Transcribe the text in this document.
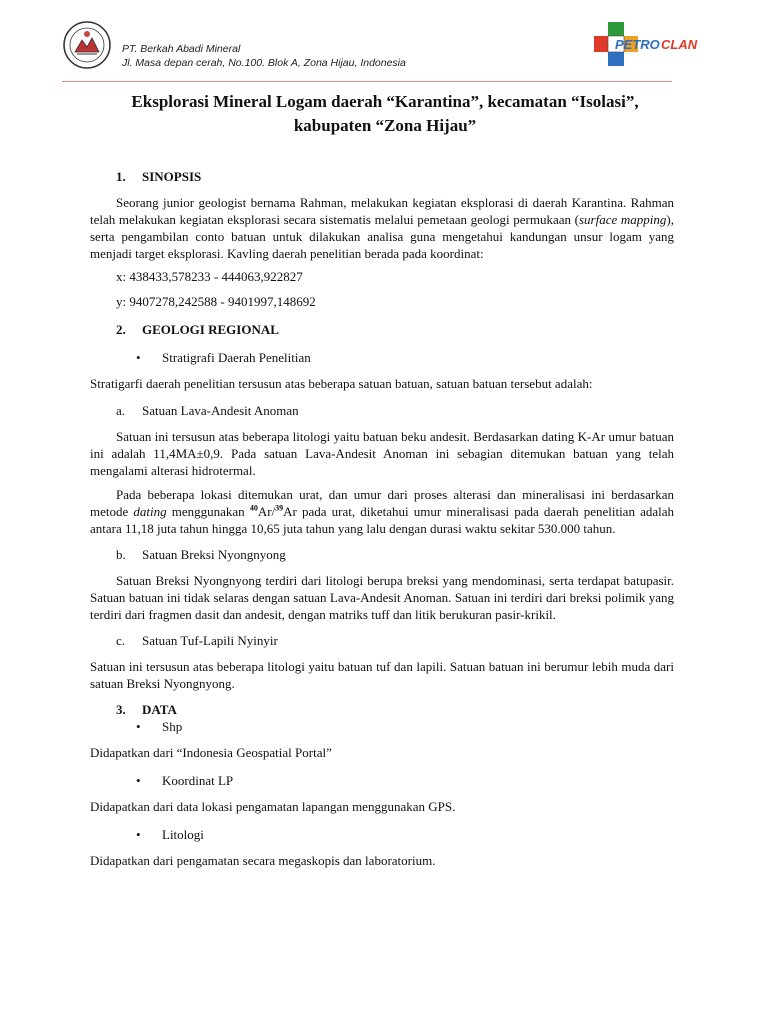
PT. Berkah Abadi Mineral
Jl. Masa depan cerah, No.100. Blok A, Zona Hijau, Indonesia
PETRO CLAN
Eksplorasi Mineral Logam daerah “Karantina”, kecamatan “Isolasi”,
kabupaten “Zona Hijau”
1. SINOPSIS

Seorang junior geologist bernama Rahman, melakukan kegiatan eksplorasi di daerah Karantina. Rahman telah melakukan kegiatan eksplorasi secara sistematis melalui pemetaan geologi permukaan (surface mapping), serta pengambilan conto batuan untuk dilakukan analisa guna mengetahui kandungan unsur logam yang menjadi target eksplorasi. Kavling daerah penelitian berada pada koordinat:

x: 438433,578233 - 444063,922827
y: 9407278,242588 - 9401997,148692
2. GEOLOGI REGIONAL
•	Stratigrafi Daerah Penelitian

Stratigarfi daerah penelitian tersusun atas beberapa satuan batuan, satuan batuan tersebut adalah:

a.	Satuan Lava-Andesit Anoman

Satuan ini tersusun atas beberapa litologi yaitu batuan beku andesit. Berdasarkan dating K-Ar umur batuan ini adalah 11,4MA±0,9. Pada satuan Lava-Andesit Anoman ini sebagian ditemukan batuan yang telah mengalami alterasi hidrotermal.

Pada beberapa lokasi ditemukan urat, dan umur dari proses alterasi dan mineralisasi ini berdasarkan metode dating menggunakan $^{40}$Ar/$^{39}$Ar pada urat, diketahui umur mineralisasi pada daerah penelitian adalah antara 11,18 juta tahun hingga 10,65 juta tahun yang lalu dengan durasi waktu sekitar 530.000 tahun.

b.	Satuan Breksi Nyongnyong

Satuan Breksi Nyongnyong terdiri dari litologi berupa breksi yang mendominasi, serta terdapat batupasir. Satuan batuan ini tidak selaras dengan satuan Lava-Andesit Anoman. Satuan ini terdiri dari breksi polimik yang terdiri dari fragmen dasit dan andesit, dengan matriks tuff dan litik berukuran pasir-krikil.

c.	Satuan Tuf-Lapili Nyinyir

Satuan ini tersusun atas beberapa litologi yaitu batuan tuf dan lapili. Satuan batuan ini berumur lebih muda dari satuan Breksi Nyongnyong.

3. DATA
•	Shp

Didapatkan dari “Indonesia Geospatial Portal”

•	Koordinat LP

Didapatkan dari data lokasi pengamatan lapangan menggunakan GPS.

•	Litologi

Didapatkan dari pengamatan secara megaskopis dan laboratorium.
